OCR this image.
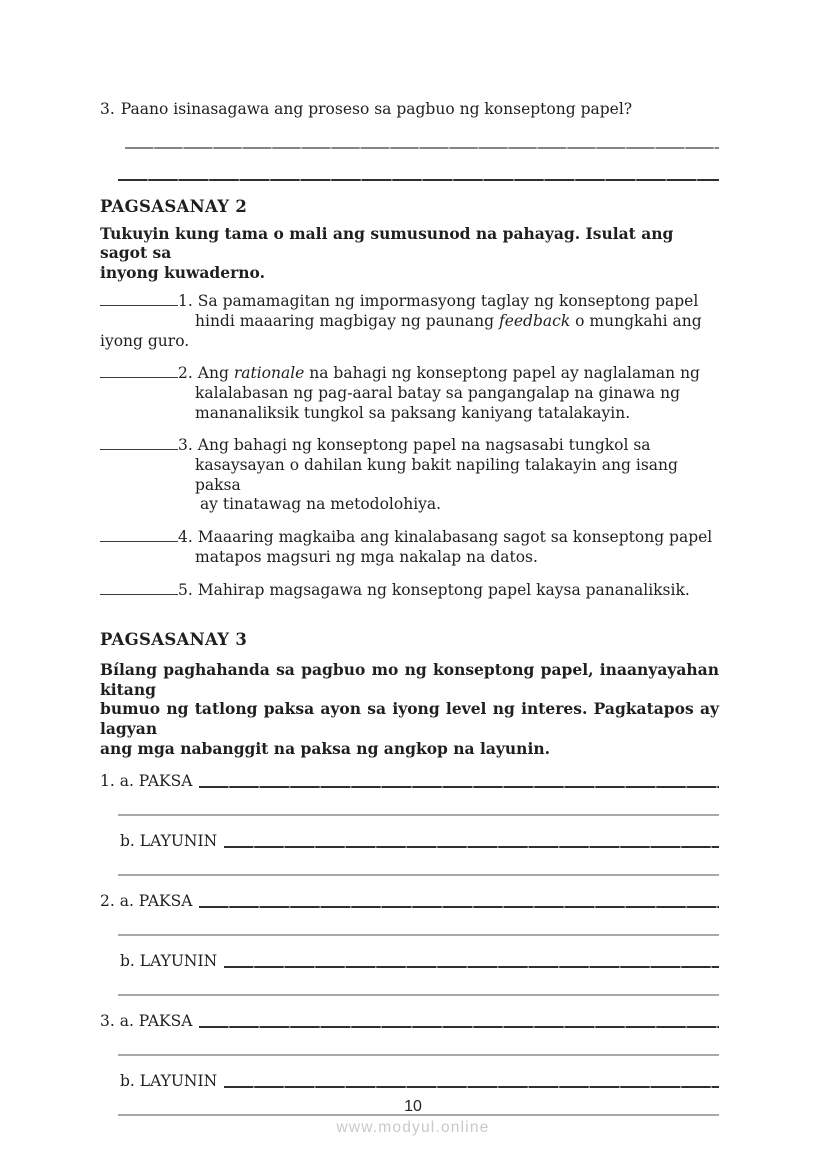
3. Paano isinasagawa ang proseso sa pagbuo ng konseptong papel?
PAGSASANAY 2
Tukuyin kung tama o mali ang sumusunod na pahayag. Isulat ang sagot sa
inyong kuwaderno.
1. Sa pamamagitan ng impormasyong taglay ng konseptong papel
hindi maaaring magbigay ng paunang feedback o mungkahi ang
iyong guro.
2. Ang rationale na bahagi ng konseptong papel ay naglalaman ng
kalalabasan ng pag-aaral batay sa pangangalap na ginawa ng
mananaliksik tungkol sa paksang kaniyang tatalakayin.
3. Ang bahagi ng konseptong papel na nagsasabi tungkol sa
kasaysayan o dahilan kung bakit napiling talakayin ang isang paksa
ay tinatawag na metodolohiya.
4. Maaaring magkaiba ang kinalabasang sagot sa konseptong papel
matapos magsuri ng mga nakalap na datos.
5. Mahirap magsagawa ng konseptong papel kaysa pananaliksik.
PAGSASANAY 3
Bílang paghahanda sa pagbuo mo ng konseptong papel, inaanyayahan kitang
bumuo ng tatlong paksa ayon sa iyong level ng interes. Pagkatapos ay lagyan
ang mga nabanggit na paksa ng angkop na layunin.
1. a. PAKSA
b. LAYUNIN
2. a. PAKSA
b. LAYUNIN
3. a. PAKSA
b. LAYUNIN
10
www.modyul.online
